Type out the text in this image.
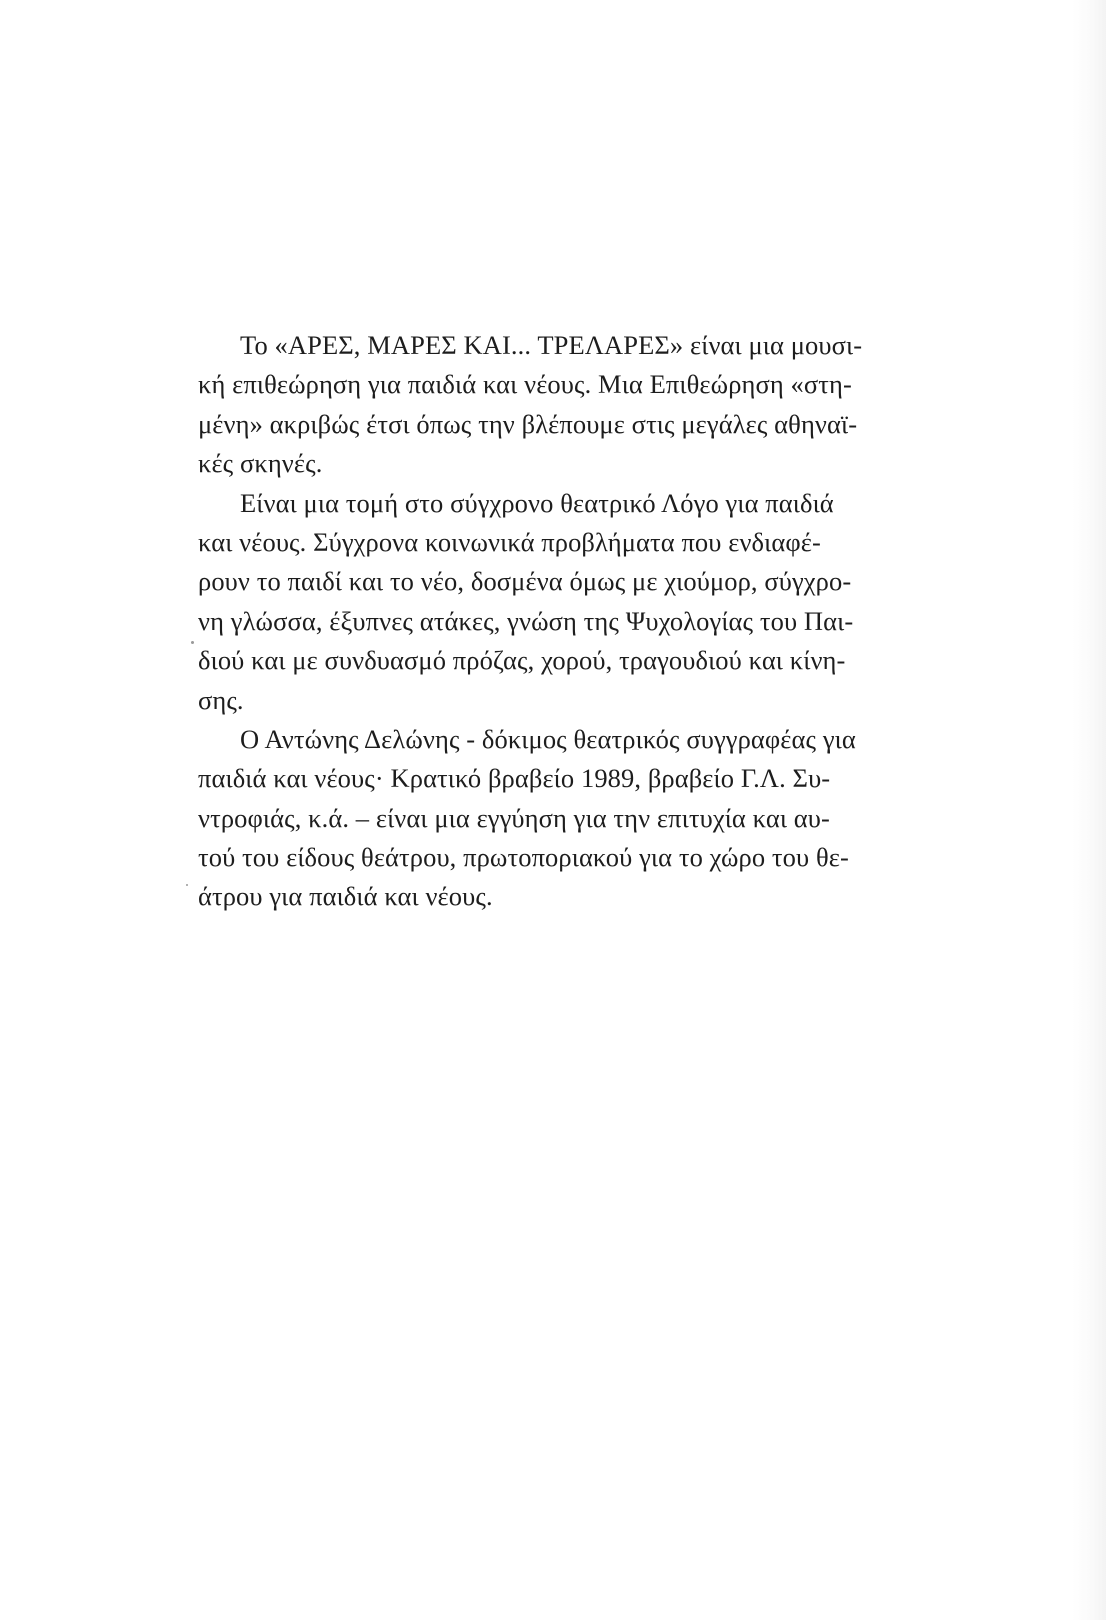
Το «ΑΡΕΣ, ΜΑΡΕΣ ΚΑΙ... ΤΡΕΛΑΡΕΣ» είναι μια μουσι-
κή επιθεώρηση για παιδιά και νέους. Μια Επιθεώρηση «στη-
μένη» ακριβώς έτσι όπως την βλέπουμε στις μεγάλες αθηναϊ-
κές σκηνές.
Είναι μια τομή στο σύγχρονο θεατρικό Λόγο για παιδιά
και νέους. Σύγχρονα κοινωνικά προβλήματα που ενδιαφέ-
ρουν το παιδί και το νέο, δοσμένα όμως με χιούμορ, σύγχρο-
νη γλώσσα, έξυπνες ατάκες, γνώση της Ψυχολογίας του Παι-
διού και με συνδυασμό πρόζας, χορού, τραγουδιού και κίνη-
σης.
Ο Αντώνης Δελώνης - δόκιμος θεατρικός συγγραφέας για
παιδιά και νέους· Κρατικό βραβείο 1989, βραβείο Γ.Λ. Συ-
ντροφιάς, κ.ά. – είναι μια εγγύηση για την επιτυχία και αυ-
τού του είδους θεάτρου, πρωτοποριακού για το χώρο του θε-
άτρου για παιδιά και νέους.
